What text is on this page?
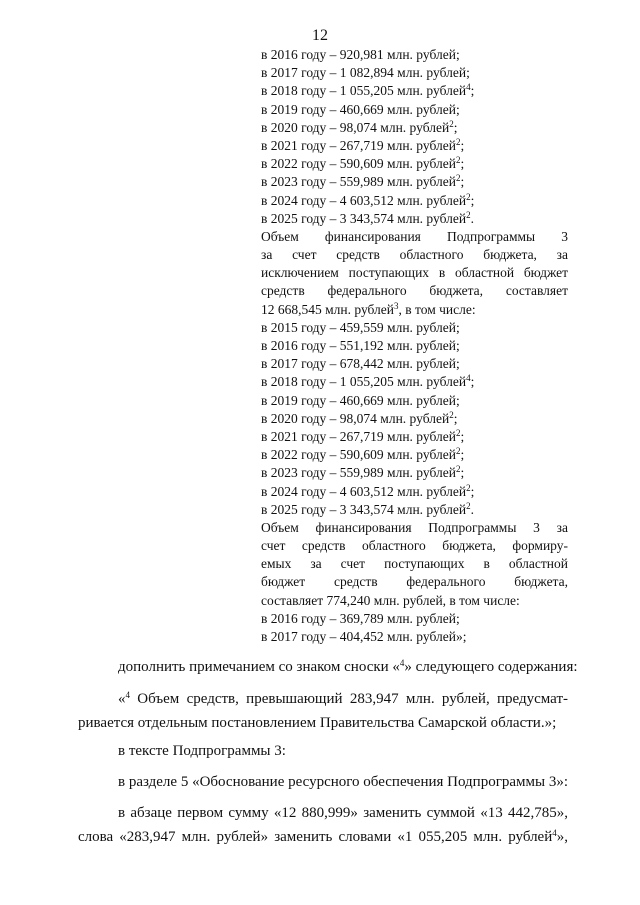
12
в 2016 году – 920,981 млн. рублей;
в 2017 году – 1 082,894 млн. рублей;
в 2018 году – 1 055,205 млн. рублей$^4$;
в 2019 году – 460,669 млн. рублей;
в 2020 году – 98,074 млн. рублей$^2$;
в 2021 году – 267,719 млн. рублей$^2$;
в 2022 году – 590,609 млн. рублей$^2$;
в 2023 году – 559,989 млн. рублей$^2$;
в 2024 году – 4 603,512 млн. рублей$^2$;
в 2025 году – 3 343,574 млн. рублей$^2$.
Объем финансирования Подпрограммы 3
за счет средств областного бюджета, за
исключением поступающих в областной бюджет
средств федерального бюджета, составляет
12 668,545 млн. рублей$^3$, в том числе:
в 2015 году – 459,559 млн. рублей;
в 2016 году – 551,192 млн. рублей;
в 2017 году – 678,442 млн. рублей;
в 2018 году – 1 055,205 млн. рублей$^4$;
в 2019 году – 460,669 млн. рублей;
в 2020 году – 98,074 млн. рублей$^2$;
в 2021 году – 267,719 млн. рублей$^2$;
в 2022 году – 590,609 млн. рублей$^2$;
в 2023 году – 559,989 млн. рублей$^2$;
в 2024 году – 4 603,512 млн. рублей$^2$;
в 2025 году – 3 343,574 млн. рублей$^2$.
Объем финансирования Подпрограммы 3 за
счет средств областного бюджета, формиру-
емых за счет поступающих в областной
бюджет средств федерального бюджета,
составляет 774,240 млн. рублей, в том числе:
в 2016 году – 369,789 млн. рублей;
в 2017 году – 404,452 млн. рублей»;
дополнить примечанием со знаком сноски «$^4$» следующего содержания:
«$^4$ Объем средств, превышающий 283,947 млн. рублей, предусмат-
ривается отдельным постановлением Правительства Самарской области.»;
в тексте Подпрограммы 3:
в разделе 5 «Обоснование ресурсного обеспечения Подпрограммы 3»:
в абзаце первом сумму «12 880,999» заменить суммой «13 442,785»,
слова «283,947 млн. рублей» заменить словами «1 055,205 млн. рублей$^4$»,
